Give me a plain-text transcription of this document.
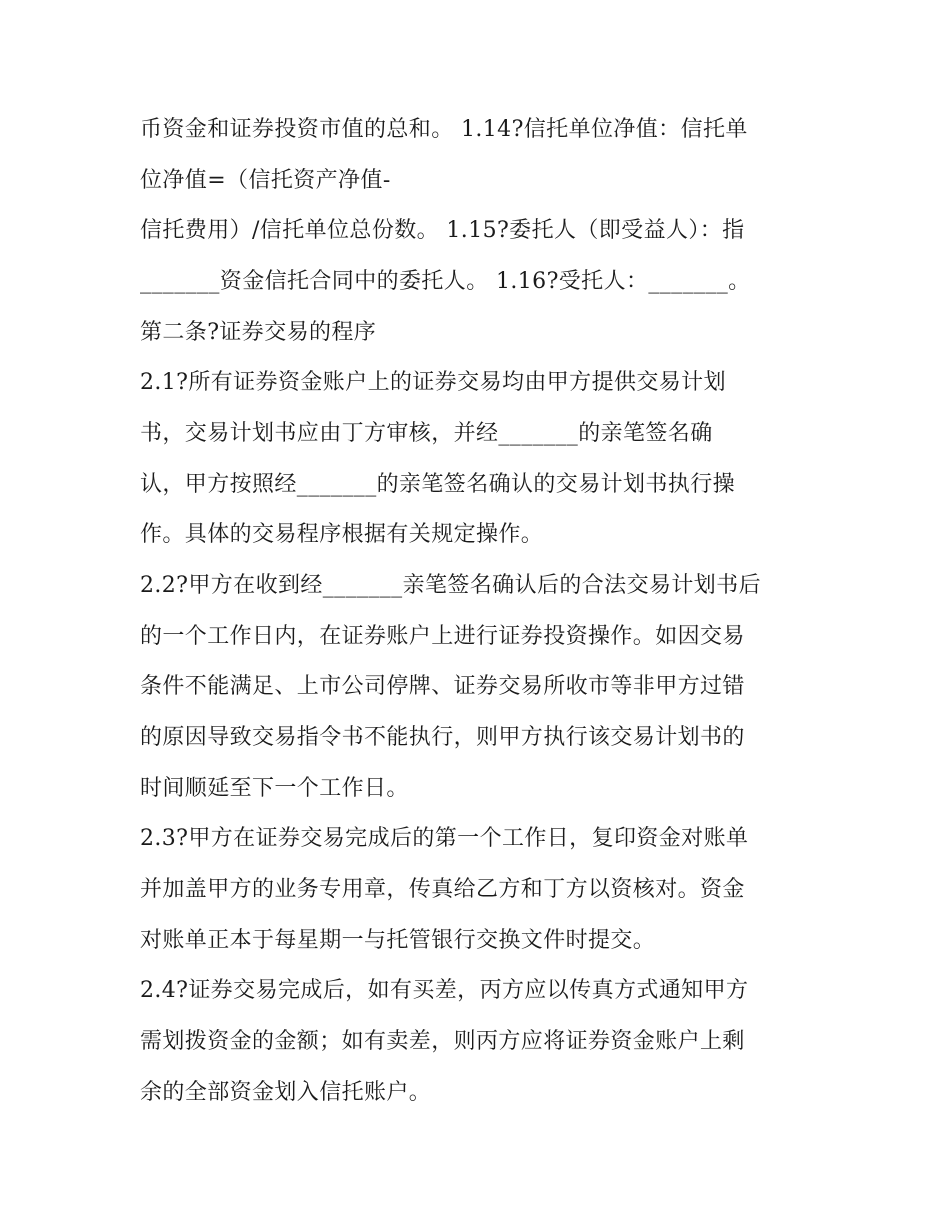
币资金和证券投资市值的总和。 1.14?信托单位净值：信托单

位净值=（信托资产净值-

信托费用）/信托单位总份数。 1.15?委托人（即受益人）：指

_______资金信托合同中的委托人。 1.16?受托人：_______。

第二条?证券交易的程序

2.1?所有证券资金账户上的证券交易均由甲方提供交易计划

书，交易计划书应由丁方审核，并经_______的亲笔签名确

认，甲方按照经_______的亲笔签名确认的交易计划书执行操

作。具体的交易程序根据有关规定操作。

2.2?甲方在收到经_______亲笔签名确认后的合法交易计划书后

的一个工作日内，在证券账户上进行证券投资操作。如因交易

条件不能满足、上市公司停牌、证券交易所收市等非甲方过错

的原因导致交易指令书不能执行，则甲方执行该交易计划书的

时间顺延至下一个工作日。

2.3?甲方在证券交易完成后的第一个工作日，复印资金对账单

并加盖甲方的业务专用章，传真给乙方和丁方以资核对。资金

对账单正本于每星期一与托管银行交换文件时提交。

2.4?证券交易完成后，如有买差，丙方应以传真方式通知甲方

需划拨资金的金额；如有卖差，则丙方应将证券资金账户上剩

余的全部资金划入信托账户。
